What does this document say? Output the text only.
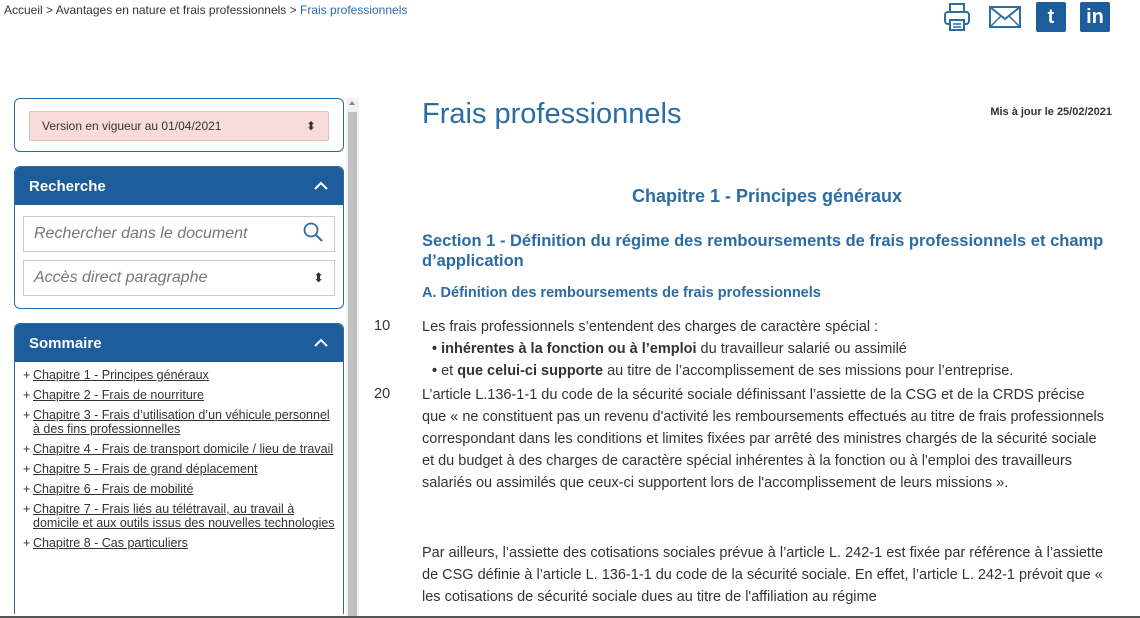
Accueil > Avantages en nature et frais professionnels > Frais professionnels	t in
Version en vigueur au 01/04/2021	⬍
Recherche
Rechercher dans le document
Accès direct paragraphe	⬍
Sommaire
+ Chapitre 1 - Principes généraux
+ Chapitre 2 - Frais de nourriture
+ Chapitre 3 - Frais d’utilisation d’un véhicule personnel à des fins professionnelles
+ Chapitre 4 - Frais de transport domicile / lieu de travail
+ Chapitre 5 - Frais de grand déplacement
+ Chapitre 6 - Frais de mobilité
+ Chapitre 7 - Frais liés au télétravail, au travail à domicile et aux outils issus des nouvelles technologies
+ Chapitre 8 - Cas particuliers
Frais professionnels	Mis à jour le 25/02/2021
Chapitre 1 - Principes généraux
Section 1 - Définition du régime des remboursements de frais professionnels et champ d’application
A. Définition des remboursements de frais professionnels
10 Les frais professionnels s’entendent des charges de caractère spécial :
• inhérentes à la fonction ou à l’emploi du travailleur salarié ou assimilé
• et que celui-ci supporte au titre de l’accomplissement de ses missions pour l’entreprise.
20 L’article L.136-1-1 du code de la sécurité sociale définissant l’assiette de la CSG et de la CRDS précise que « ne constituent pas un revenu d'activité les remboursements effectués au titre de frais professionnels correspondant dans les conditions et limites fixées par arrêté des ministres chargés de la sécurité sociale et du budget à des charges de caractère spécial inhérentes à la fonction ou à l'emploi des travailleurs salariés ou assimilés que ceux-ci supportent lors de l'accomplissement de leurs missions ».
Par ailleurs, l’assiette des cotisations sociales prévue à l’article L. 242-1 est fixée par référence à l’assiette de CSG définie à l’article L. 136-1-1 du code de la sécurité sociale. En effet, l’article L. 242-1 prévoit que « les cotisations de sécurité sociale dues au titre de l'affiliation au régime
